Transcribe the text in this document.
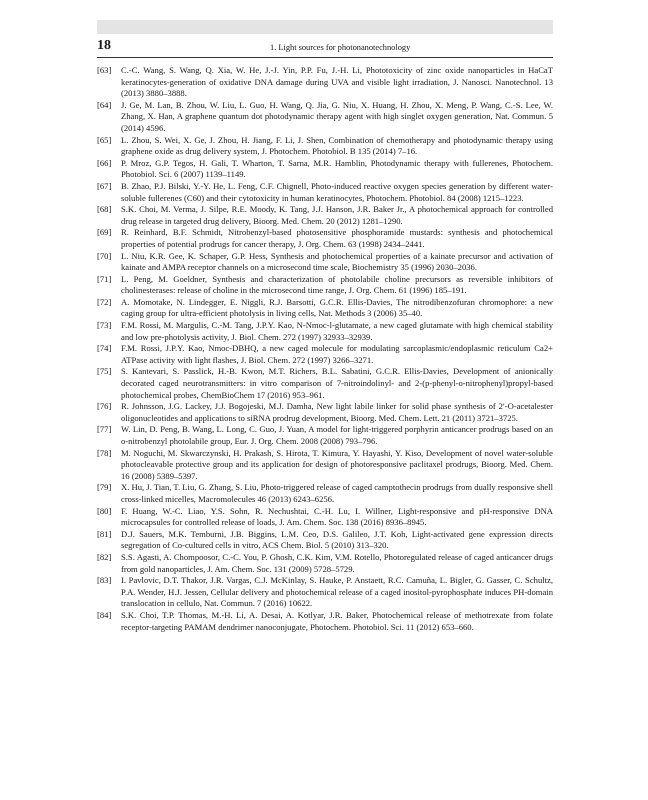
18	1. Light sources for photonanotechnology
[63]	C.-C. Wang, S. Wang, Q. Xia, W. He, J.-J. Yin, P.P. Fu, J.-H. Li, Phototoxicity of zinc oxide nanoparticles in HaCaT keratinocytes-generation of oxidative DNA damage during UVA and visible light irradiation, J. Nanosci. Nanotechnol. 13 (2013) 3880–3888.
[64]	J. Ge, M. Lan, B. Zhou, W. Liu, L. Guo, H. Wang, Q. Jia, G. Niu, X. Huang, H. Zhou, X. Meng, P. Wang, C.-S. Lee, W. Zhang, X. Han, A graphene quantum dot photodynamic therapy agent with high singlet oxygen generation, Nat. Commun. 5 (2014) 4596.
[65]	L. Zhou, S. Wei, X. Ge, J. Zhou, H. Jiang, F. Li, J. Shen, Combination of chemotherapy and photodynamic therapy using graphene oxide as drug delivery system, J. Photochem. Photobiol. B 135 (2014) 7–16.
[66]	P. Mroz, G.P. Tegos, H. Gali, T. Wharton, T. Sarna, M.R. Hamblin, Photodynamic therapy with fullerenes, Photochem. Photobiol. Sci. 6 (2007) 1139–1149.
[67]	B. Zhao, P.J. Bilski, Y.-Y. He, L. Feng, C.F. Chignell, Photo-induced reactive oxygen species generation by different water-soluble fullerenes (C60) and their cytotoxicity in human keratinocytes, Photochem. Photobiol. 84 (2008) 1215–1223.
[68]	S.K. Choi, M. Verma, J. Silpe, R.E. Moody, K. Tang, J.J. Hanson, J.R. Baker Jr., A photochemical approach for controlled drug release in targeted drug delivery, Bioorg. Med. Chem. 20 (2012) 1281–1290.
[69]	R. Reinhard, B.F. Schmidt, Nitrobenzyl-based photosensitive phosphoramide mustards: synthesis and photochemical properties of potential prodrugs for cancer therapy, J. Org. Chem. 63 (1998) 2434–2441.
[70]	L. Niu, K.R. Gee, K. Schaper, G.P. Hess, Synthesis and photochemical properties of a kainate precursor and activation of kainate and AMPA receptor channels on a microsecond time scale, Biochemistry 35 (1996) 2030–2036.
[71]	L. Peng, M. Goeldner, Synthesis and characterization of photolabile choline precursors as reversible inhibitors of cholinesterases: release of choline in the microsecond time range, J. Org. Chem. 61 (1996) 185–191.
[72]	A. Momotake, N. Lindegger, E. Niggli, R.J. Barsotti, G.C.R. Ellis-Davies, The nitrodibenzofuran chromophore: a new caging group for ultra-efficient photolysis in living cells, Nat. Methods 3 (2006) 35–40.
[73]	F.M. Rossi, M. Margulis, C.-M. Tang, J.P.Y. Kao, N-Nmoc-l-glutamate, a new caged glutamate with high chemical stability and low pre-photolysis activity, J. Biol. Chem. 272 (1997) 32933–32939.
[74]	F.M. Rossi, J.P.Y. Kao, Nmoc-DBHQ, a new caged molecule for modulating sarcoplasmic/endoplasmic reticulum Ca2+ ATPase activity with light flashes, J. Biol. Chem. 272 (1997) 3266–3271.
[75]	S. Kantevari, S. Passlick, H.-B. Kwon, M.T. Richers, B.L. Sabatini, G.C.R. Ellis-Davies, Development of anionically decorated caged neurotransmitters: in vitro comparison of 7-nitroindolinyl- and 2-(p-phenyl-o-nitrophenyl)propyl-based photochemical probes, ChemBioChem 17 (2016) 953–961.
[76]	R. Johnsson, J.G. Lackey, J.J. Bogojeski, M.J. Damha, New light labile linker for solid phase synthesis of 2′-O-acetalester oligonucleotides and applications to siRNA prodrug development, Bioorg. Med. Chem. Lett. 21 (2011) 3721–3725.
[77]	W. Lin, D. Peng, B. Wang, L. Long, C. Guo, J. Yuan, A model for light-triggered porphyrin anticancer prodrugs based on an o-nitrobenzyl photolabile group, Eur. J. Org. Chem. 2008 (2008) 793–796.
[78]	M. Noguchi, M. Skwarczynski, H. Prakash, S. Hirota, T. Kimura, Y. Hayashi, Y. Kiso, Development of novel water-soluble photocleavable protective group and its application for design of photoresponsive paclitaxel prodrugs, Bioorg. Med. Chem. 16 (2008) 5389–5397.
[79]	X. Hu, J. Tian, T. Liu, G. Zhang, S. Liu, Photo-triggered release of caged camptothecin prodrugs from dually responsive shell cross-linked micelles, Macromolecules 46 (2013) 6243–6256.
[80]	F. Huang, W.-C. Liao, Y.S. Sohn, R. Nechushtai, C.-H. Lu, I. Willner, Light-responsive and pH-responsive DNA microcapsules for controlled release of loads, J. Am. Chem. Soc. 138 (2016) 8936–8945.
[81]	D.J. Sauers, M.K. Temburni, J.B. Biggins, L.M. Ceo, D.S. Galileo, J.T. Koh, Light-activated gene expression directs segregation of Co-cultured cells in vitro, ACS Chem. Biol. 5 (2010) 313–320.
[82]	S.S. Agasti, A. Chompoosor, C.-C. You, P. Ghosh, C.K. Kim, V.M. Rotello, Photoregulated release of caged anticancer drugs from gold nanoparticles, J. Am. Chem. Soc. 131 (2009) 5728–5729.
[83]	I. Pavlovic, D.T. Thakor, J.R. Vargas, C.J. McKinlay, S. Hauke, P. Anstaett, R.C. Camuña, L. Bigler, G. Gasser, C. Schultz, P.A. Wender, H.J. Jessen, Cellular delivery and photochemical release of a caged inositol-pyrophosphate induces PH-domain translocation in cellulo, Nat. Commun. 7 (2016) 10622.
[84]	S.K. Choi, T.P. Thomas, M.-H. Li, A. Desai, A. Kotlyar, J.R. Baker, Photochemical release of methotrexate from folate receptor-targeting PAMAM dendrimer nanoconjugate, Photochem. Photobiol. Sci. 11 (2012) 653–660.
